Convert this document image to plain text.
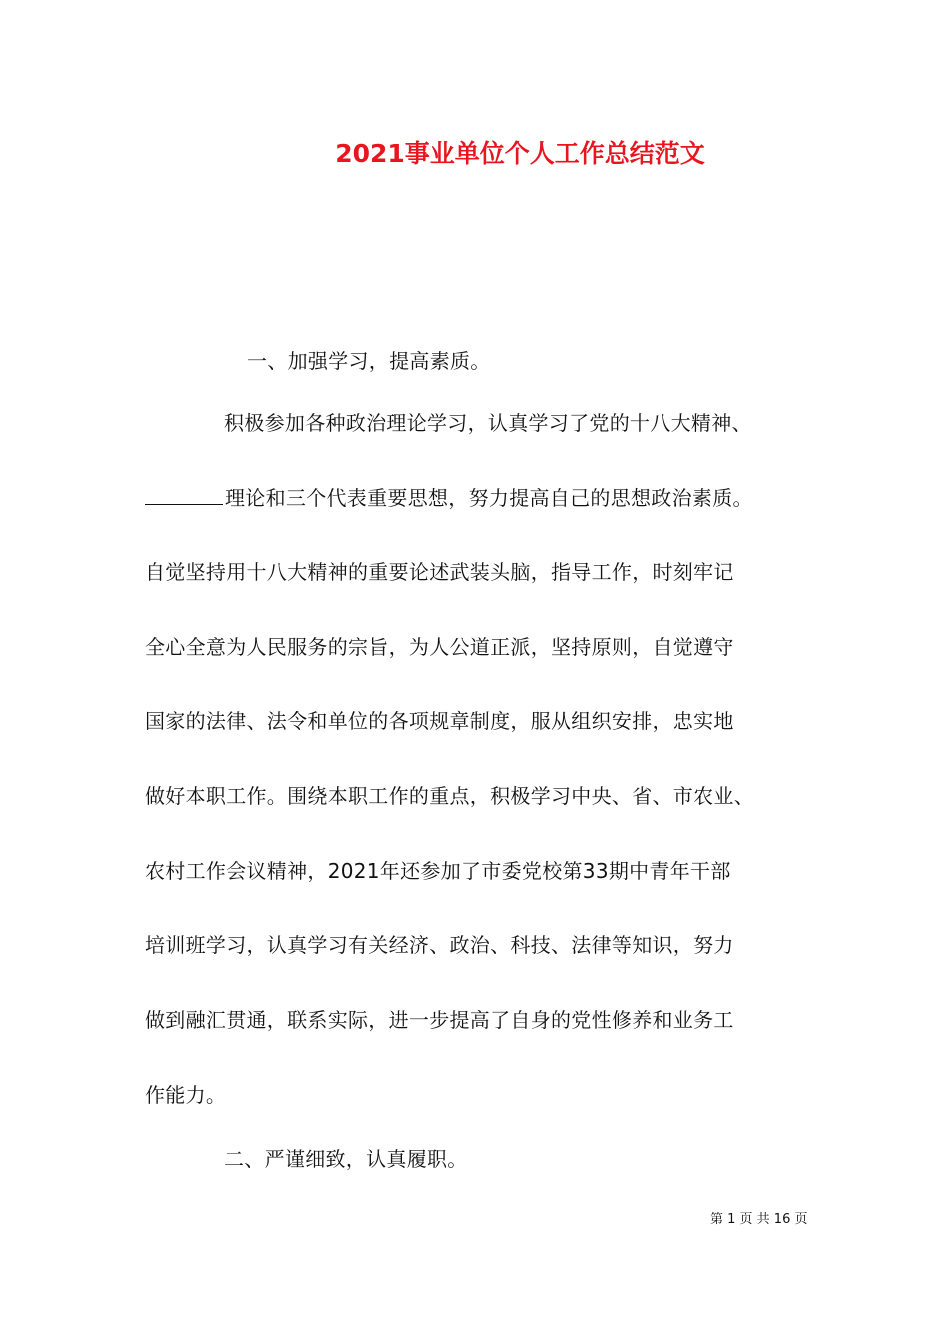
2021事业单位个人工作总结范文
一、加强学习，提高素质。
积极参加各种政治理论学习，认真学习了党的十八大精神、
理论和三个代表重要思想，努力提高自己的思想政治素质。
自觉坚持用十八大精神的重要论述武装头脑，指导工作，时刻牢记
全心全意为人民服务的宗旨，为人公道正派，坚持原则，自觉遵守
国家的法律、法令和单位的各项规章制度，服从组织安排，忠实地
做好本职工作。围绕本职工作的重点，积极学习中央、省、市农业、
农村工作会议精神，2021年还参加了市委党校第33期中青年干部
培训班学习，认真学习有关经济、政治、科技、法律等知识，努力
做到融汇贯通，联系实际，进一步提高了自身的党性修养和业务工
作能力。
二、严谨细致，认真履职。
第 1 页 共 16 页
